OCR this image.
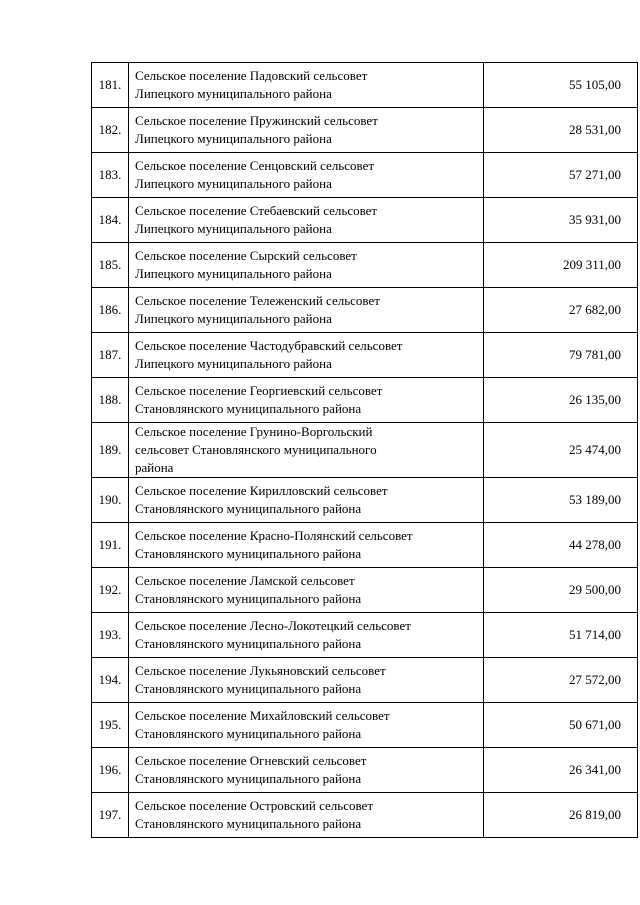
181.	Сельское поселение Падовский сельсовет
Липецкого муниципального района	55 105,00
182.	Сельское поселение Пружинский сельсовет
Липецкого муниципального района	28 531,00
183.	Сельское поселение Сенцовский сельсовет
Липецкого муниципального района	57 271,00
184.	Сельское поселение Стебаевский сельсовет
Липецкого муниципального района	35 931,00
185.	Сельское поселение Сырский сельсовет
Липецкого муниципального района	209 311,00
186.	Сельское поселение Тележенский сельсовет
Липецкого муниципального района	27 682,00
187.	Сельское поселение Частодубравский сельсовет
Липецкого муниципального района	79 781,00
188.	Сельское поселение Георгиевский сельсовет
Становлянского муниципального района	26 135,00
189.	Сельское поселение Грунино-Воргольский
сельсовет Становлянского муниципального
района	25 474,00
190.	Сельское поселение Кирилловский сельсовет
Становлянского муниципального района	53 189,00
191.	Сельское поселение Красно-Полянский сельсовет
Становлянского муниципального района	44 278,00
192.	Сельское поселение Ламской сельсовет
Становлянского муниципального района	29 500,00
193.	Сельское поселение Лесно-Локотецкий сельсовет
Становлянского муниципального района	51 714,00
194.	Сельское поселение Лукьяновский сельсовет
Становлянского муниципального района	27 572,00
195.	Сельское поселение Михайловский сельсовет
Становлянского муниципального района	50 671,00
196.	Сельское поселение Огневский сельсовет
Становлянского муниципального района	26 341,00
197.	Сельское поселение Островский сельсовет
Становлянского муниципального района	26 819,00
